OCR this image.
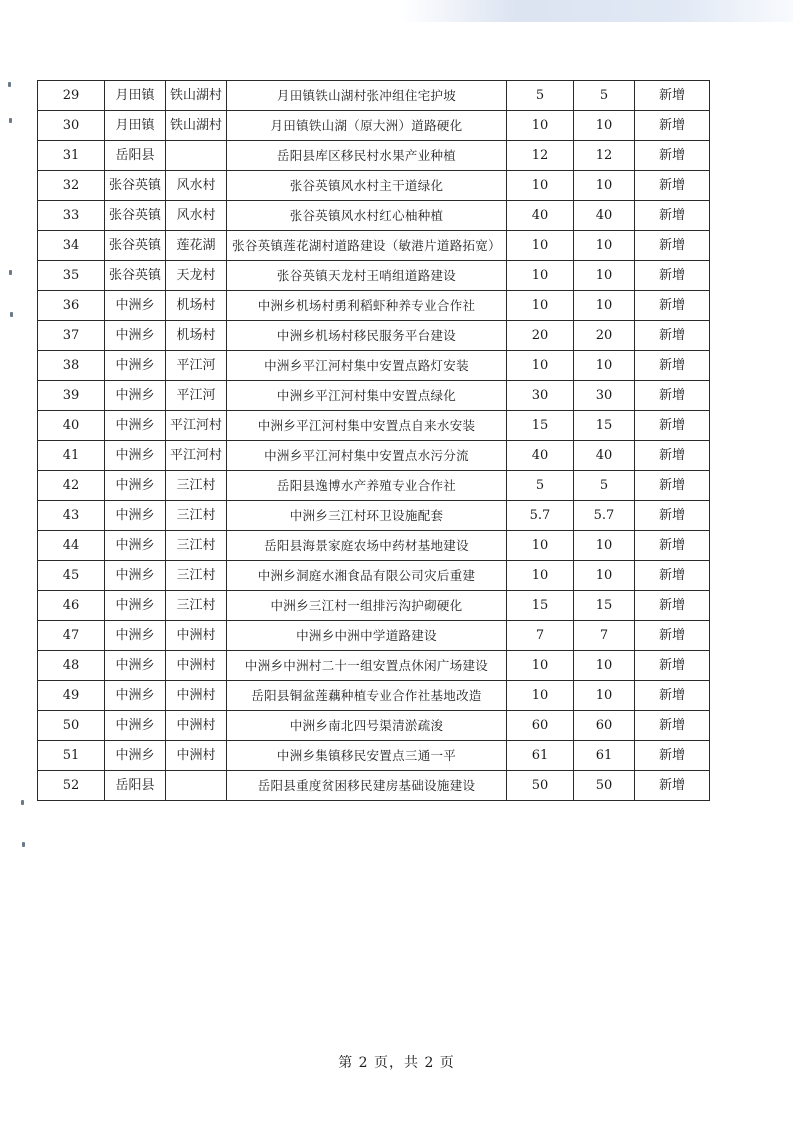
29	月田镇	铁山湖村	月田镇铁山湖村张冲组住宅护坡	5	5	新增
30	月田镇	铁山湖村	月田镇铁山湖（原大洲）道路硬化	10	10	新增
31	岳阳县		岳阳县库区移民村水果产业种植	12	12	新增
32	张谷英镇	风水村	张谷英镇风水村主干道绿化	10	10	新增
33	张谷英镇	风水村	张谷英镇风水村红心柚种植	40	40	新增
34	张谷英镇	莲花湖	张谷英镇莲花湖村道路建设（敏港片道路拓宽）	10	10	新增
35	张谷英镇	天龙村	张谷英镇天龙村王哨组道路建设	10	10	新增
36	中洲乡	机场村	中洲乡机场村勇利稻虾种养专业合作社	10	10	新增
37	中洲乡	机场村	中洲乡机场村移民服务平台建设	20	20	新增
38	中洲乡	平江河	中洲乡平江河村集中安置点路灯安装	10	10	新增
39	中洲乡	平江河	中洲乡平江河村集中安置点绿化	30	30	新增
40	中洲乡	平江河村	中洲乡平江河村集中安置点自来水安装	15	15	新增
41	中洲乡	平江河村	中洲乡平江河村集中安置点水污分流	40	40	新增
42	中洲乡	三江村	岳阳县逸博水产养殖专业合作社	5	5	新增
43	中洲乡	三江村	中洲乡三江村环卫设施配套	5.7	5.7	新增
44	中洲乡	三江村	岳阳县海景家庭农场中药材基地建设	10	10	新增
45	中洲乡	三江村	中洲乡洞庭水湘食品有限公司灾后重建	10	10	新增
46	中洲乡	三江村	中洲乡三江村一组排污沟护砌硬化	15	15	新增
47	中洲乡	中洲村	中洲乡中洲中学道路建设	7	7	新增
48	中洲乡	中洲村	中洲乡中洲村二十一组安置点休闲广场建设	10	10	新增
49	中洲乡	中洲村	岳阳县铜盆莲藕种植专业合作社基地改造	10	10	新增
50	中洲乡	中洲村	中洲乡南北四号渠清淤疏浚	60	60	新增
51	中洲乡	中洲村	中洲乡集镇移民安置点三通一平	61	61	新增
52	岳阳县		岳阳县重度贫困移民建房基础设施建设	50	50	新增
第 2 页，共 2 页
